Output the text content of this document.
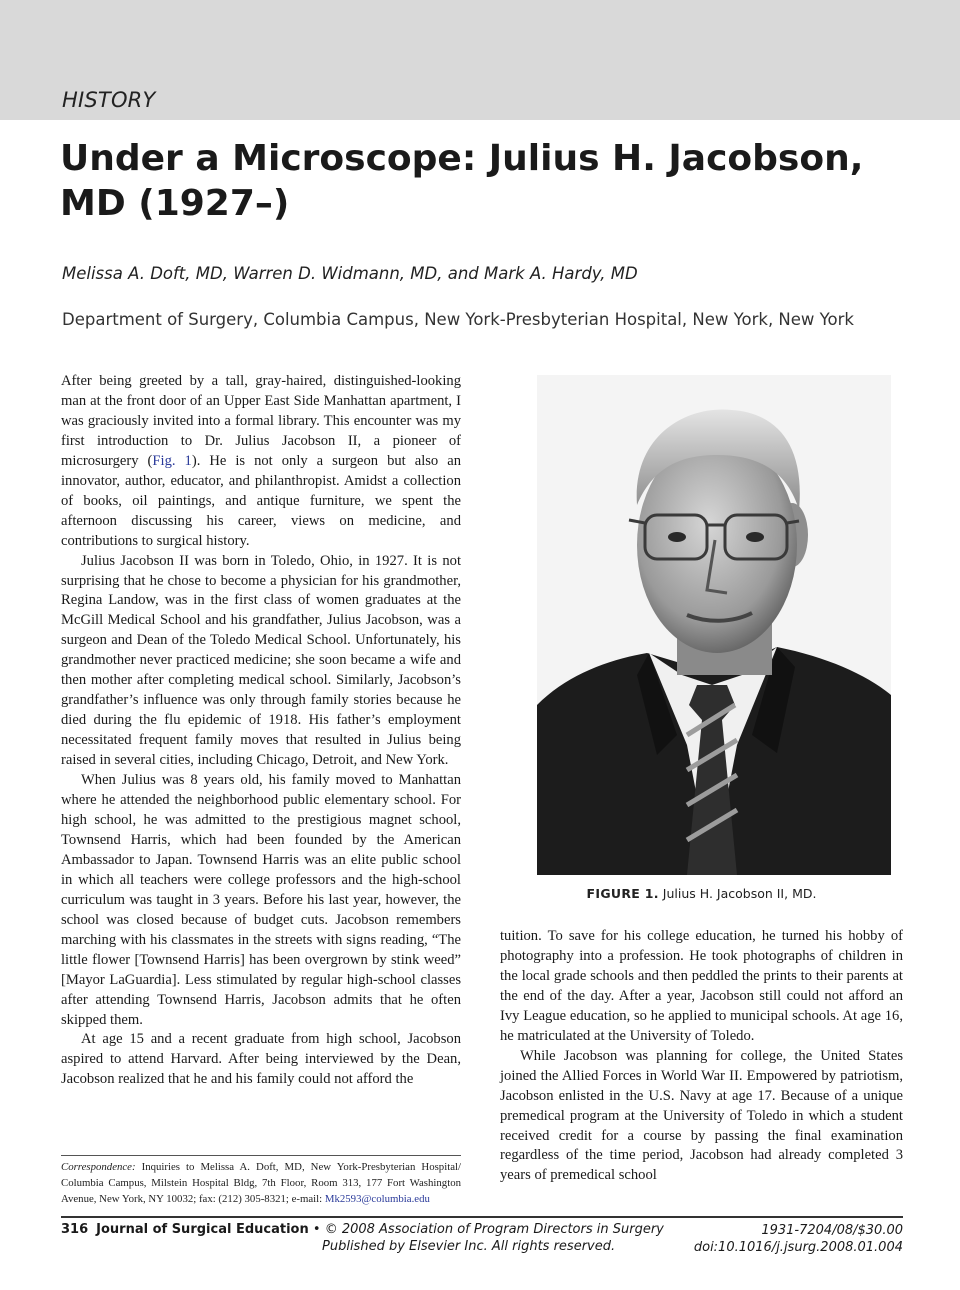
HISTORY
Under a Microscope: Julius H. Jacobson, MD (1927–)
Melissa A. Doft, MD, Warren D. Widmann, MD, and Mark A. Hardy, MD
Department of Surgery, Columbia Campus, New York-Presbyterian Hospital, New York, New York

After being greeted by a tall, gray-haired, distinguished-looking man at the front door of an Upper East Side Manhattan apartment, I was graciously invited into a formal library. This encounter was my first introduction to Dr. Julius Jacobson II, a pioneer of microsurgery (Fig. 1). He is not only a surgeon but also an innovator, author, educator, and philanthropist. Amidst a collection of books, oil paintings, and antique furniture, we spent the afternoon discussing his career, views on medicine, and contributions to surgical history.

Julius Jacobson II was born in Toledo, Ohio, in 1927. It is not surprising that he chose to become a physician for his grandmother, Regina Landow, was in the first class of women graduates at the McGill Medical School and his grandfather, Julius Jacobson, was a surgeon and Dean of the Toledo Medical School. Unfortunately, his grandmother never practiced medicine; she soon became a wife and then mother after completing medical school. Similarly, Jacobson’s grandfather’s influence was only through family stories because he died during the flu epidemic of 1918. His father’s employment necessitated frequent family moves that resulted in Julius being raised in several cities, including Chicago, Detroit, and New York.

When Julius was 8 years old, his family moved to Manhattan where he attended the neighborhood public elementary school. For high school, he was admitted to the prestigious magnet school, Townsend Harris, which had been founded by the American Ambassador to Japan. Townsend Harris was an elite public school in which all teachers were college professors and the high-school curriculum was taught in 3 years. Before his last year, however, the school was closed because of budget cuts. Jacobson remembers marching with his classmates in the streets with signs reading, “The little flower [Townsend Harris] has been overgrown by stink weed” [Mayor LaGuardia]. Less stimulated by regular high-school classes after attending Townsend Harris, Jacobson admits that he often skipped them.

At age 15 and a recent graduate from high school, Jacobson aspired to attend Harvard. After being interviewed by the Dean, Jacobson realized that he and his family could not afford the

FIGURE 1. Julius H. Jacobson II, MD.

tuition. To save for his college education, he turned his hobby of photography into a profession. He took photographs of children in the local grade schools and then peddled the prints to their parents at the end of the day. After a year, Jacobson still could not afford an Ivy League education, so he applied to municipal schools. At age 16, he matriculated at the University of Toledo.

While Jacobson was planning for college, the United States joined the Allied Forces in World War II. Empowered by patriotism, Jacobson enlisted in the U.S. Navy at age 17. Because of a unique premedical program at the University of Toledo in which a student received credit for a course by passing the final examination regardless of the time period, Jacobson had already completed 3 years of premedical school

Correspondence: Inquiries to Melissa A. Doft, MD, New York-Presbyterian Hospital/ Columbia Campus, Milstein Hospital Bldg, 7th Floor, Room 313, 177 Fort Washington Avenue, New York, NY 10032; fax: (212) 305-8321; e-mail: Mk2593@columbia.edu
316 Journal of Surgical Education • © 2008 Association of Program Directors in Surgery
Published by Elsevier Inc. All rights reserved.
1931-7204/08/$30.00
doi:10.1016/j.jsurg.2008.01.004
